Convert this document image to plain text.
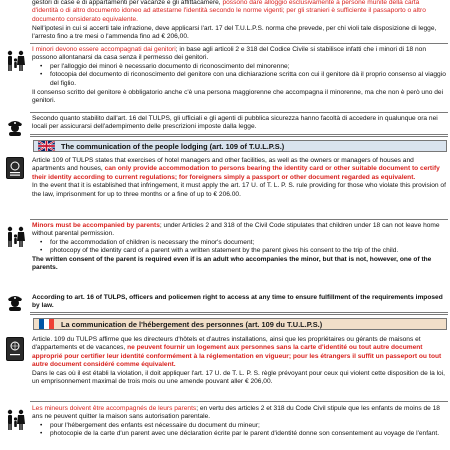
gestori di case e di appartamenti per vacanze e gli affittacamere, possono dare alloggio esclusivamente a persone munite della carta d'identità o di altro documento idoneo ad attestarne l'identità secondo le norme vigenti; per gli stranieri è sufficiente il passaporto o altro documento considerato equivalente.

Nell'ipotesi in cui si accerti tale infrazione, deve applicarsi l'art. 17 del T.U.L.P.S. norma che prevede, per chi violi tale disposizione di legge, l'arresto fino a tre mesi o l'ammenda fino ad € 206,00.

I minori devono essere accompagnati dai genitori; in base agli articoli 2 e 318 del Codice Civile si stabilisce infatti che i minori di 18 non possono allontanarsi da casa senza il permesso dei genitori.

• per l'alloggio dei minori è necessario documento di riconoscimento del minorenne;

• fotocopia del documento di riconoscimento del genitore con una dichiarazione scritta con cui il genitore dà il proprio consenso al viaggio del figlio.

Il consenso scritto del genitore è obbligatorio anche c'è una persona maggiorenne che accompagna il minorenne, ma che non è però uno dei genitori.

Secondo quanto stabilito dall'art. 16 del TULPS, gli ufficiali e gli agenti di pubblica sicurezza hanno facoltà di accedere in qualunque ora nei locali per assicurarsi dell'adempimento delle prescrizioni imposte dalla legge.

The communication of the people lodging (art. 109 of T.U.L.P.S.)

Article 109 of TULPS states that exercises of hotel managers and other facilities, as well as the owners or managers of houses and apartments and houses, can only provide accommodation to persons bearing the identity card or other suitable document to certify their identity according to current regulations; for foreigners simply a passport or other document regarded as equivalent.

In the event that it is established that infringement, it must apply the art. 17 U. of T. L. P. S. rule providing for those who violate this provision of the law, imprisonment for up to three months or a fine of up to € 206.00.

Minors must be accompanied by parents; under Articles 2 and 318 of the Civil Code stipulates that children under 18 can not leave home without parental permission.

• for the accommodation of children is necessary the minor's document;

• photocopy of the identity card of a parent with a written statement by the parent gives his consent to the trip of the child.

The written consent of the parent is required even if is an adult who accompanies the minor, but that is not, however, one of the parents.

According to art. 16 of TULPS, officers and policemen right to access at any time to ensure fulfillment of the requirements imposed by law.

La communication de l'hébergement des personnes (art. 109 du T.U.L.P.S.)

Article. 109 du TULPS affirme que les directeurs d'hôtels et d'autres installations, ainsi que les propriétaires ou gérants de maisons et d'appartements et de vacances, ne peuvent fournir un logement aux personnes sans la carte d'identité ou tout autre document approprié pour certifier leur identité conformément à la réglementation en vigueur; pour les étrangers il suffit un passeport ou tout autre document considéré comme équivalent.

Dans le cas où il est établi la violation, il doit appliquer l'art. 17 U. de T. L. P. S. règle prévoyant pour ceux qui violent cette disposition de la loi, un emprisonnement maximal de trois mois ou une amende pouvant aller € 206,00.

Les mineurs doivent être accompagnés de leurs parents; en vertu des articles 2 et 318 du Code Civil stipule que les enfants de moins de 18 ans ne peuvent quitter la maison sans autorisation parentale.

• pour l'hébergement des enfants est nécessaire du document du mineur;

• photocopie de la carte d'un parent avec une déclaration écrite par le parent d'identité donne son consentement au voyage de l'enfant.
